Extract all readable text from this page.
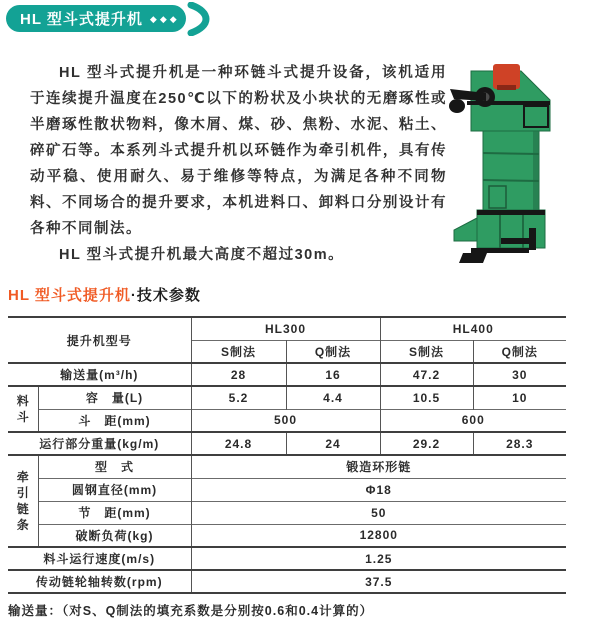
HL 型斗式提升机 ◆◆◆

HL 型斗式提升机是一种环链斗式提升设备，该机适用于连续提升温度在250℃以下的粉状及小块状的无磨琢性或半磨琢性散状物料，像木屑、煤、砂、焦粉、水泥、粘土、碎矿石等。本系列斗式提升机以环链作为牵引机件，具有传动平稳、使用耐久、易于维修等特点，为满足各种不同物料、不同场合的提升要求，本机进料口、卸料口分别设计有各种不同制法。

HL 型斗式提升机最大高度不超过30m。

HL 型斗式提升机·技术参数
提升机型号		HL300		HL400	
		S制法	Q制法	S制法	Q制法
输送量(m³/h)		28	16	47.2	30

料斗	容　量(L)	5.2	4.4	10.5	10
	斗　距(mm)	500		600	
运行部分重量(kg/m)		24.8	24	29.2	28.3

牵引链条	型　式	锻造环形链			
	圆钢直径(mm)	Φ18			
	节　距(mm)	50			
	破断负荷(kg)	12800			
料斗运行速度(m/s)		1.25			
传动链轮轴转数(rpm)		37.5			
输送量：（对S、Q制法的填充系数是分别按0.6和0.4计算的）
